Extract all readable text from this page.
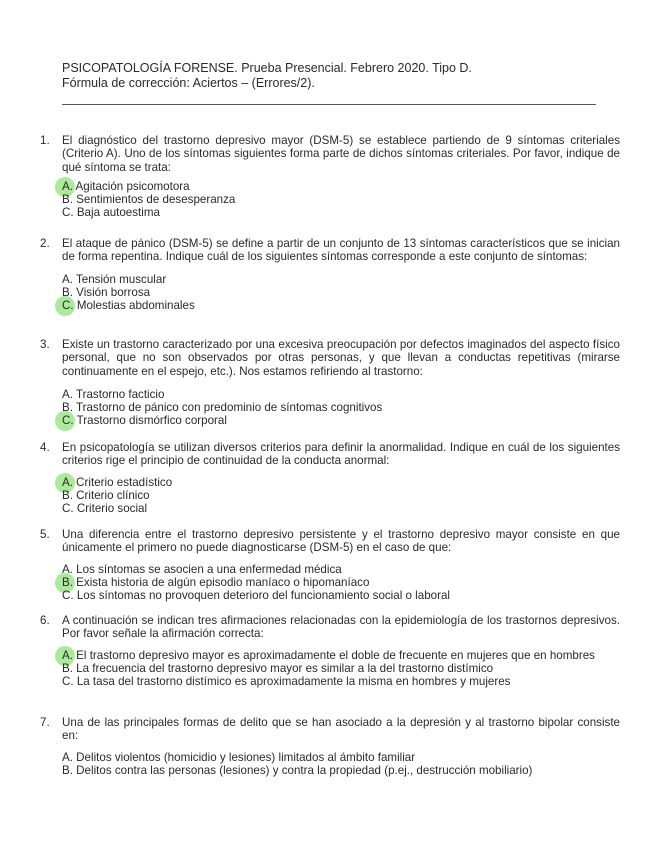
PSICOPATOLOGÍA FORENSE. Prueba Presencial. Febrero 2020. Tipo D.
Fórmula de corrección: Aciertos – (Errores/2).
1.	El diagnóstico del trastorno depresivo mayor (DSM-5) se establece partiendo de 9 síntomas criteriales (Criterio A). Uno de los síntomas siguientes forma parte de dichos síntomas criteriales. Por favor, indique de qué síntoma se trata:
A. Agitación psicomotora
B. Sentimientos de desesperanza
C. Baja autoestima
2.	El ataque de pánico (DSM-5) se define a partir de un conjunto de 13 síntomas característicos que se inician de forma repentina. Indique cuál de los siguientes síntomas corresponde a este conjunto de síntomas:
A. Tensión muscular
B. Visión borrosa
C. Molestias abdominales
3.	Existe un trastorno caracterizado por una excesiva preocupación por defectos imaginados del aspecto físico personal, que no son observados por otras personas, y que llevan a conductas repetitivas (mirarse continuamente en el espejo, etc.). Nos estamos refiriendo al trastorno:
A. Trastorno facticio
B. Trastorno de pánico con predominio de síntomas cognitivos
C. Trastorno dismórfico corporal
4.	En psicopatología se utilizan diversos criterios para definir la anormalidad. Indique en cuál de los siguientes criterios rige el principio de continuidad de la conducta anormal:
A. Criterio estadístico
B. Criterio clínico
C. Criterio social
5.	Una diferencia entre el trastorno depresivo persistente y el trastorno depresivo mayor consiste en que únicamente el primero no puede diagnosticarse (DSM-5) en el caso de que:
A. Los síntomas se asocien a una enfermedad médica
B. Exista historia de algún episodio maníaco o hipomaníaco
C. Los síntomas no provoquen deterioro del funcionamiento social o laboral
6.	A continuación se indican tres afirmaciones relacionadas con la epidemiología de los trastornos depresivos. Por favor señale la afirmación correcta:
A. El trastorno depresivo mayor es aproximadamente el doble de frecuente en mujeres que en hombres
B. La frecuencia del trastorno depresivo mayor es similar a la del trastorno distímico
C. La tasa del trastorno distímico es aproximadamente la misma en hombres y mujeres
7.	Una de las principales formas de delito que se han asociado a la depresión y al trastorno bipolar consiste en:
A. Delitos violentos (homicidio y lesiones) limitados al ámbito familiar
B. Delitos contra las personas (lesiones) y contra la propiedad (p.ej., destrucción mobiliario)
